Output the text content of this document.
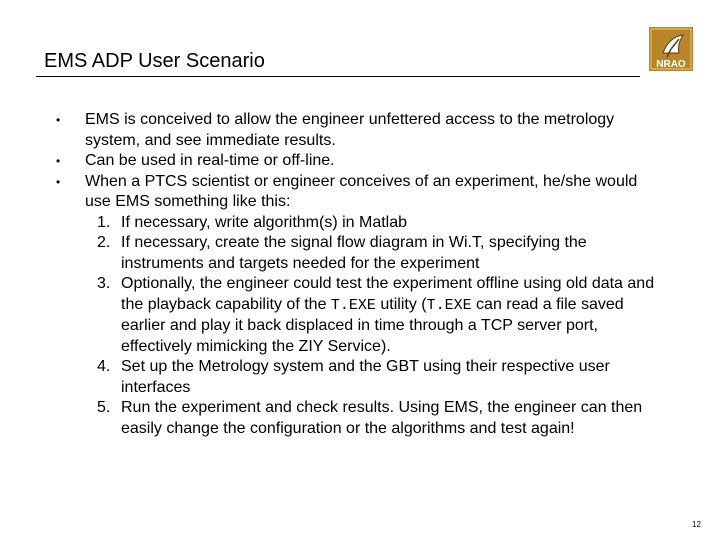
EMS ADP User Scenario	NRAO
•	EMS is conceived to allow the engineer unfettered access to the metrology system, and see immediate results.
•	Can be used in real-time or off-line.
•	When a PTCS scientist or engineer conceives of an experiment, he/she would use EMS something like this:
1. If necessary, write algorithm(s) in Matlab
2. If necessary, create the signal flow diagram in Wi.T, specifying the instruments and targets needed for the experiment
3. Optionally, the engineer could test the experiment offline using old data and the playback capability of the T.EXE utility (T.EXE can read a file saved earlier and play it back displaced in time through a TCP server port, effectively mimicking the ZIY Service).
4. Set up the Metrology system and the GBT using their respective user interfaces
5. Run the experiment and check results. Using EMS, the engineer can then easily change the configuration or the algorithms and test again!
12
